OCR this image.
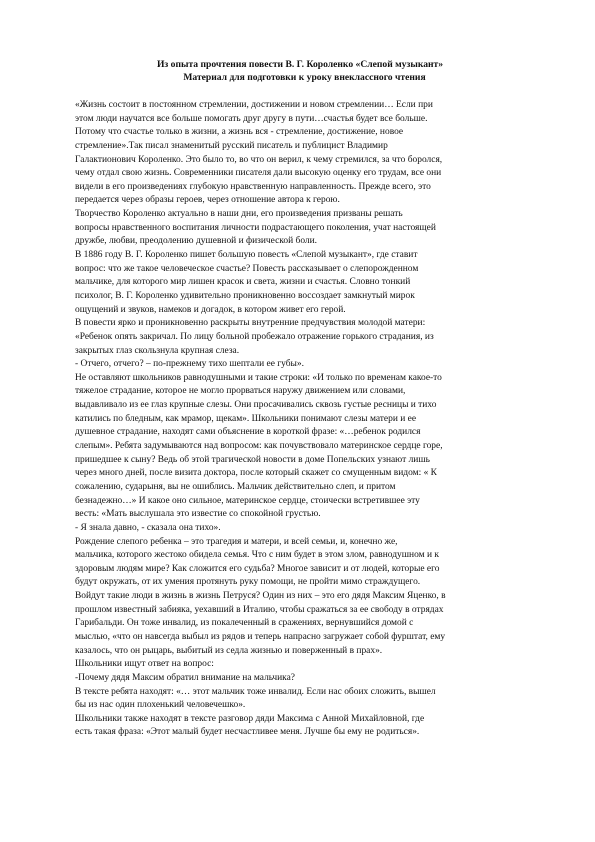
Из опыта прочтения повести В. Г. Короленко «Слепой музыкант»
Материал для подготовки к уроку внеклассного чтения
«Жизнь состоит в постоянном стремлении, достижении и новом стремлении… Если при
этом люди научатся все больше помогать друг другу в пути…счастья будет все больше.
Потому что счастье только в жизни, а жизнь вся - стремление, достижение, новое
стремление».Так писал знаменитый русский писатель и публицист Владимир
Галактионович Короленко. Это было то, во что он верил, к чему стремился, за что боролся,
чему отдал свою жизнь. Современники писателя дали высокую оценку его трудам, все они
видели в его произведениях глубокую нравственную направленность. Прежде всего, это
передается через образы героев, через отношение автора к герою.
Творчество Короленко актуально в наши дни, его произведения призваны решать
вопросы нравственного воспитания личности подрастающего поколения, учат настоящей
дружбе, любви, преодолению душевной и физической боли.
В 1886 году В. Г. Короленко пишет большую повесть «Слепой музыкант», где ставит
вопрос: что же такое человеческое счастье? Повесть рассказывает о слепорожденном
мальчике, для которого мир лишен красок и света, жизни и счастья. Словно тонкий
психолог, В. Г. Короленко удивительно проникновенно воссоздает замкнутый мирок
ощущений и звуков, намеков и догадок, в котором живет его герой.
В повести ярко и проникновенно раскрыты внутренние предчувствия молодой матери:
«Ребенок опять закричал. По лицу больной пробежало отражение горького страдания, из
закрытых глаз скользнула крупная слеза.
- Отчего, отчего? – по-прежнему тихо шептали ее губы».
Не оставляют школьников равнодушными и такие строки: «И только по временам какое-то
тяжелое страдание, которое не могло прорваться наружу движением или словами,
выдавливало из ее глаз крупные слезы. Они просачивались сквозь густые ресницы и тихо
катились по бледным, как мрамор, щекам». Школьники понимают слезы матери и ее
душевное страдание, находят сами объяснение в короткой фразе: «…ребенок родился
слепым». Ребята задумываются над вопросом: как почувствовало материнское сердце горе,
пришедшее к сыну? Ведь об этой трагической новости в доме Попельских узнают лишь
через много дней, после визита доктора, после который скажет со смущенным видом: « К
сожалению, сударыня, вы не ошиблись. Мальчик действительно слеп, и притом
безнадежно…» И какое оно сильное, материнское сердце, стоически встретившее эту
весть: «Мать выслушала это известие со спокойной грустью.
- Я знала давно, - сказала она тихо».
Рождение слепого ребенка – это трагедия и матери, и всей семьи, и, конечно же,
мальчика, которого жестоко обидела семья. Что с ним будет в этом злом, равнодушном и к
здоровым людям мире? Как сложится его судьба? Многое зависит и от людей, которые его
будут окружать, от их умения протянуть руку помощи, не пройти мимо страждущего.
Войдут такие люди в жизнь в жизнь Петруся? Один из них – это его дядя Максим Яценко, в
прошлом известный забияка, уехавший в Италию, чтобы сражаться за ее свободу в отрядах
Гарибальди. Он тоже инвалид, из покалеченный в сражениях, вернувшийся домой с
мыслью, «что он навсегда выбыл из рядов и теперь напрасно загружает собой фурштат, ему
казалось, что он рыцарь, выбитый из седла жизнью и поверженный в прах».
Школьники ищут ответ на вопрос:
-Почему дядя Максим обратил внимание на мальчика?
В тексте ребята находят: «… этот мальчик тоже инвалид. Если нас обоих сложить, вышел
бы из нас один плохенький человечешко».
Школьники также находят в тексте разговор дяди Максима с Анной Михайловной, где
есть такая фраза: «Этот малый будет несчастливее меня. Лучше бы ему не родиться».
